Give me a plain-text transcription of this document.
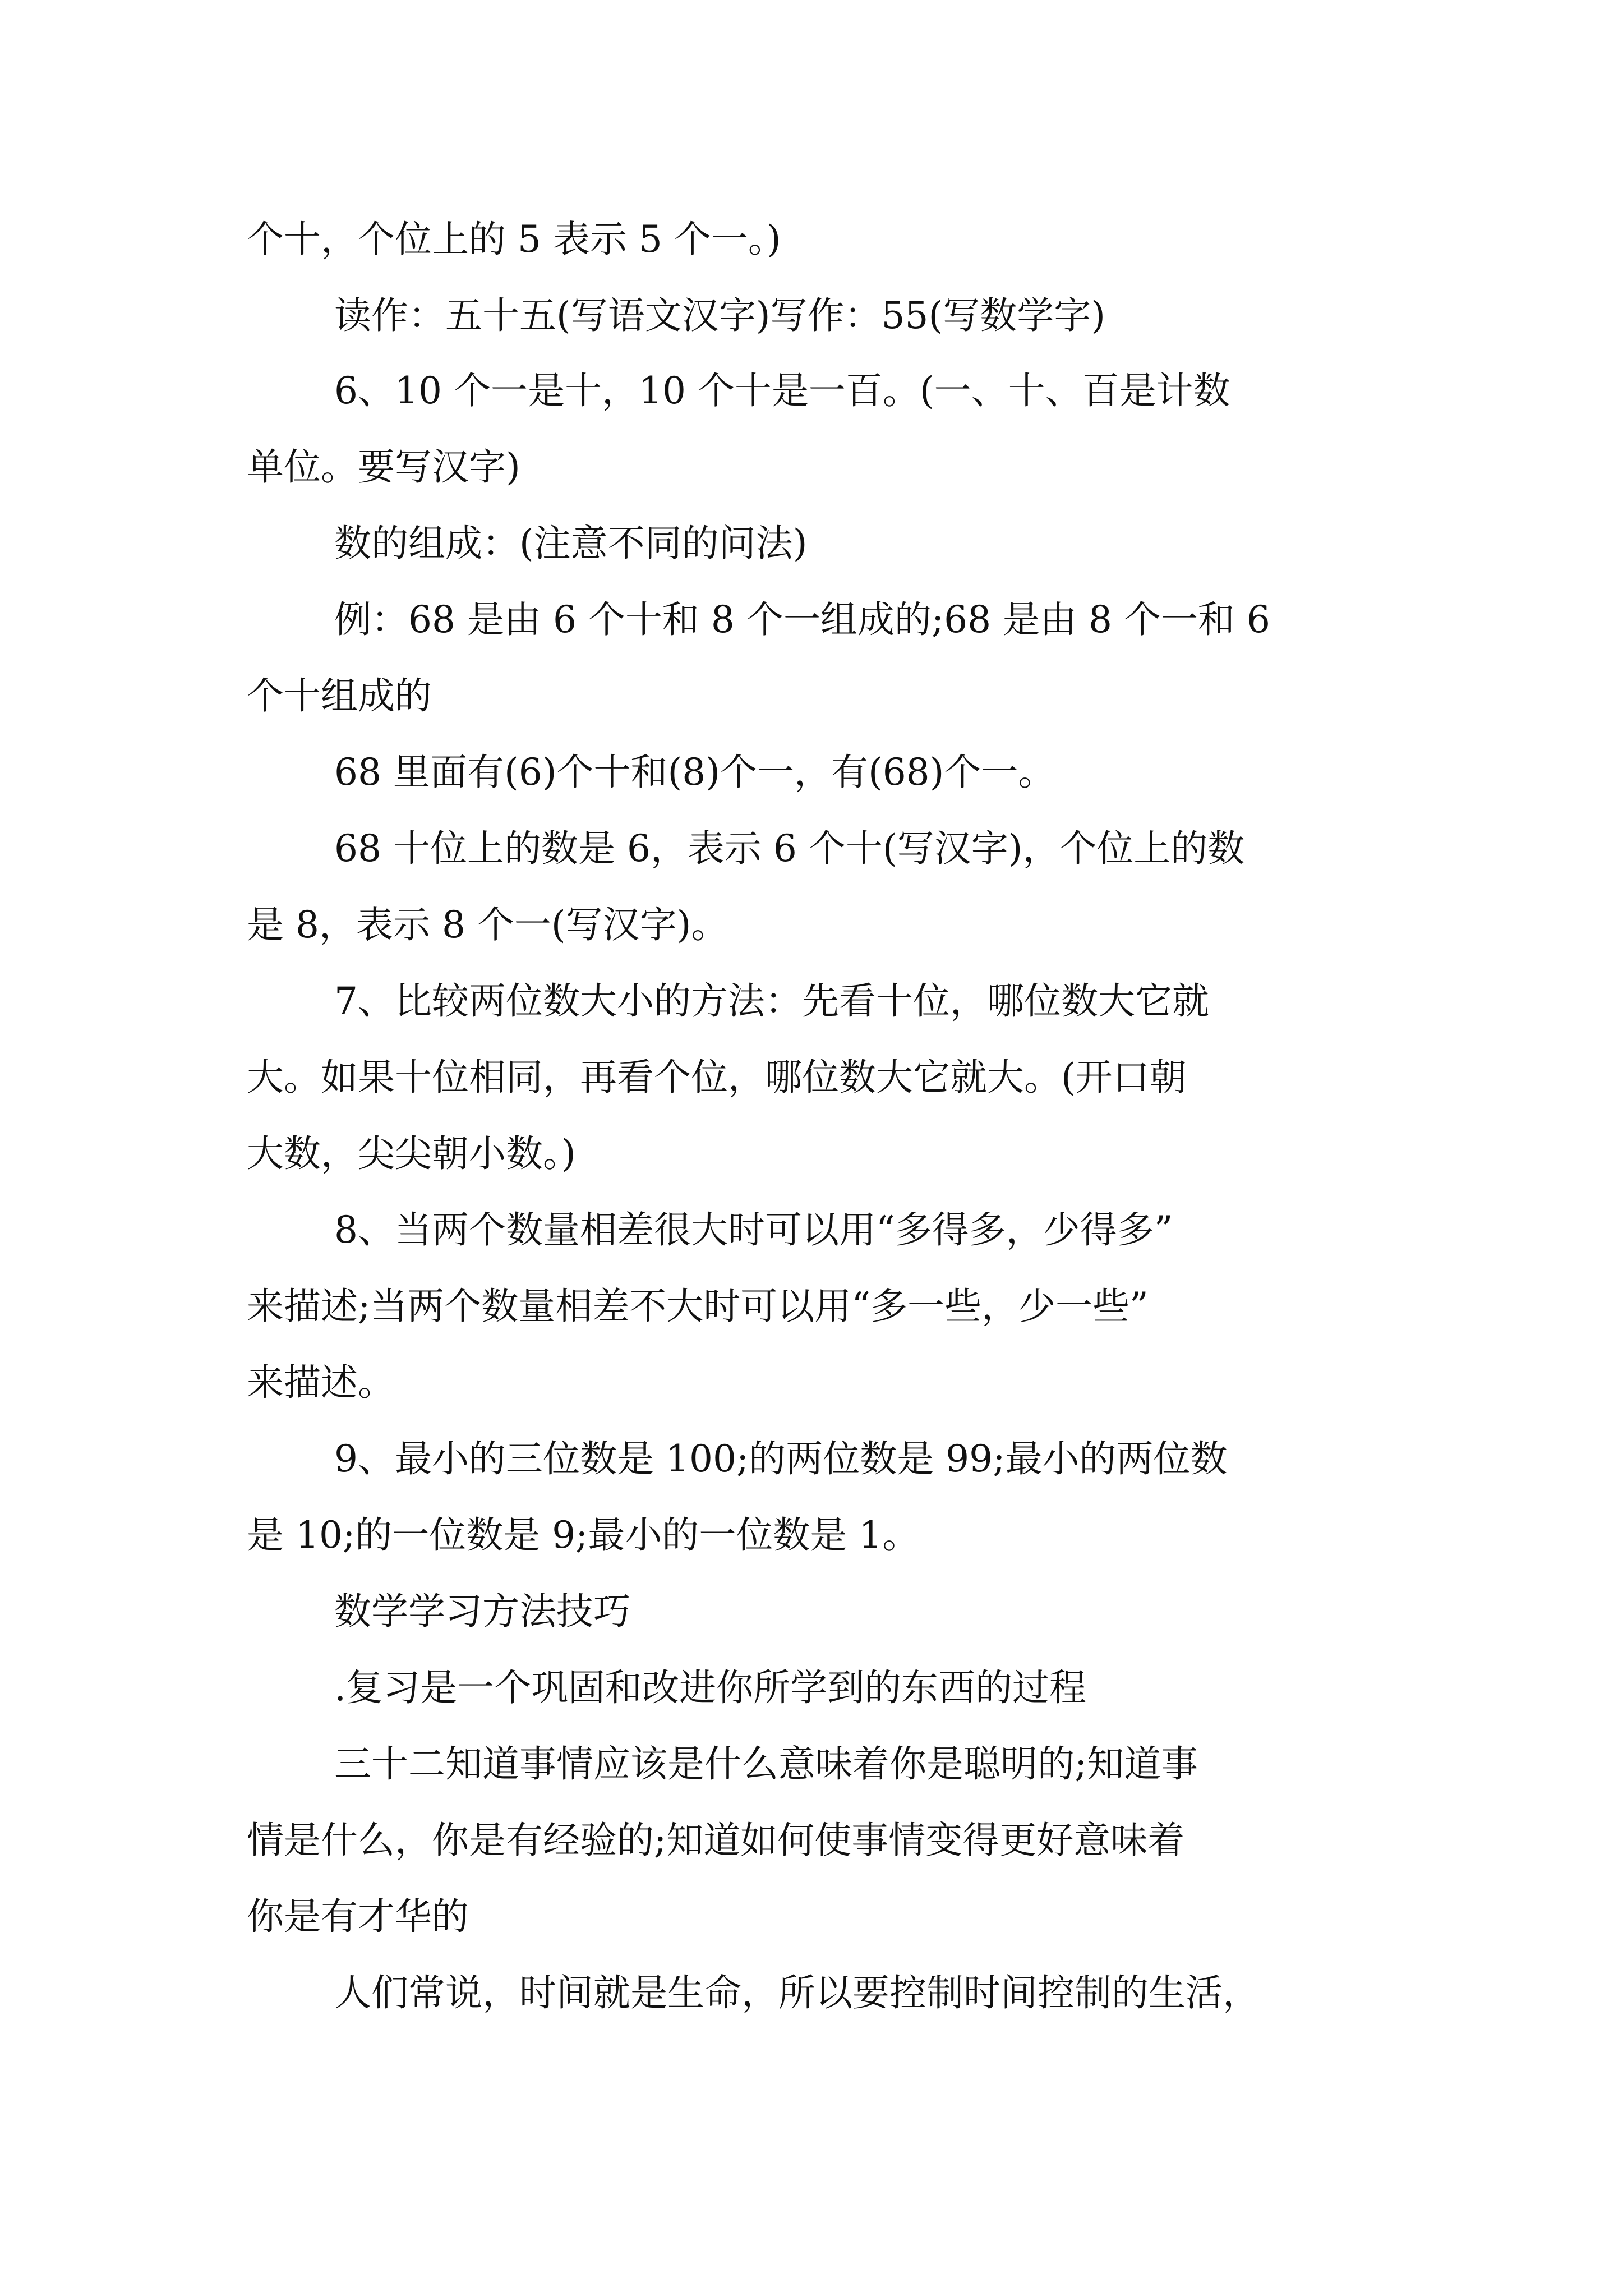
个十，个位上的 5 表示 5 个一。)

读作：五十五(写语文汉字)写作：55(写数学字)

6、10 个一是十，10 个十是一百。(一、十、百是计数

单位。要写汉字)

数的组成：(注意不同的问法)

例：68 是由 6 个十和 8 个一组成的;68 是由 8 个一和 6

个十组成的

68 里面有(6)个十和(8)个一，有(68)个一。

68 十位上的数是 6，表示 6 个十(写汉字)，个位上的数

是 8，表示 8 个一(写汉字)。

7、比较两位数大小的方法：先看十位，哪位数大它就

大。如果十位相同，再看个位，哪位数大它就大。(开口朝

大数，尖尖朝小数。)

8、当两个数量相差很大时可以用“多得多，少得多”

来描述;当两个数量相差不大时可以用“多一些，少一些”

来描述。

9、最小的三位数是 100;的两位数是 99;最小的两位数

是 10;的一位数是 9;最小的一位数是 1。

数学学习方法技巧

.复习是一个巩固和改进你所学到的东西的过程

三十二知道事情应该是什么意味着你是聪明的;知道事

情是什么，你是有经验的;知道如何使事情变得更好意味着

你是有才华的

人们常说，时间就是生命，所以要控制时间控制的生活，
